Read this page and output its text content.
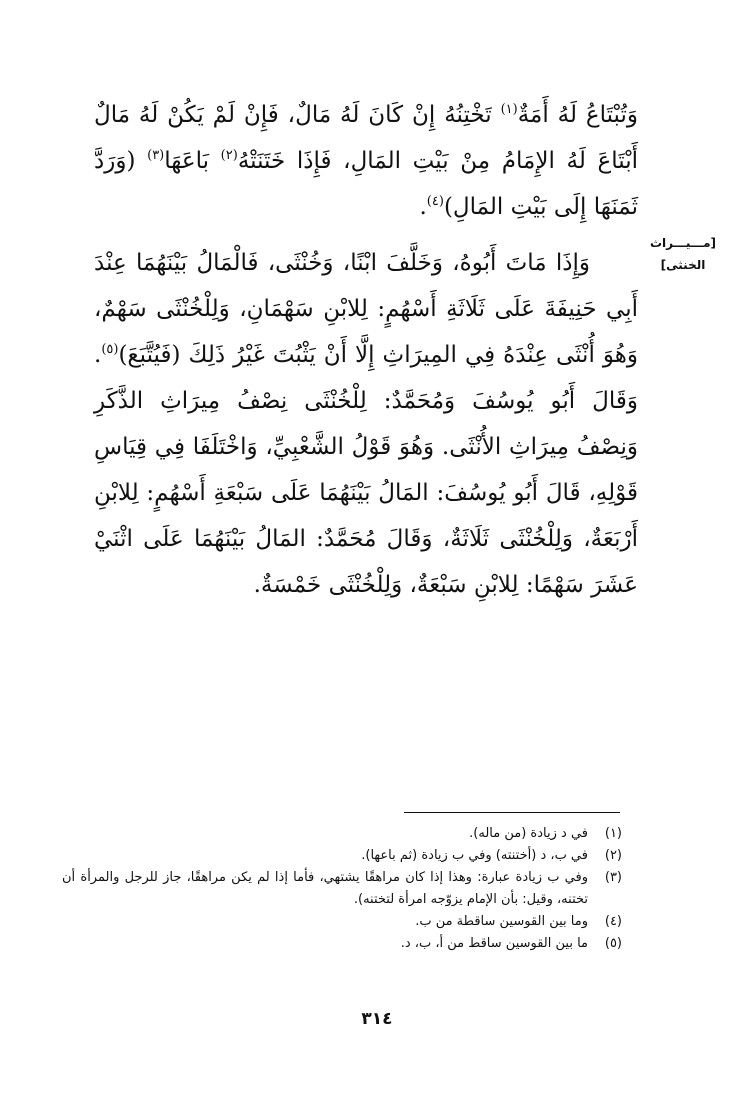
وَتُبْتَاعُ لَهُ أَمَةٌ$^{(١)}$ تَخْتِنُهُ إِنْ كَانَ لَهُ مَالٌ، فَإِنْ لَمْ يَكُنْ لَهُ مَالٌ أَبْتَاعَ لَهُ الإِمَامُ مِنْ بَيْتِ المَالِ، فَإِذَا خَتَنَتْهُ$^{(٢)}$ بَاعَهَا$^{(٣)}$ (وَرَدَّ ثَمَنَهَا إِلَى بَيْتِ المَالِ)$^{(٤)}$.

وَإِذَا مَاتَ أَبُوهُ، وَخَلَّفَ ابْنًا، وَخُنْثَى، فَالْمَالُ بَيْنَهُمَا عِنْدَ أَبِي حَنِيفَةَ عَلَى ثَلَاثَةِ أَسْهُمٍ: لِلابْنِ سَهْمَانِ، وَلِلْخُنْثَى سَهْمٌ، وَهُوَ أُنْثَى عِنْدَهُ فِي المِيرَاثِ إِلَّا أَنْ يَثْبُتَ غَيْرُ ذَلِكَ (فَيُتَّبَعَ)$^{(٥)}$. وَقَالَ أَبُو يُوسُفَ وَمُحَمَّدٌ: لِلْخُنْثَى نِصْفُ مِيرَاثِ الذَّكَرِ وَنِصْفُ مِيرَاثِ الأُنْثَى. وَهُوَ قَوْلُ الشَّعْبِيِّ، وَاخْتَلَفَا فِي قِيَاسِ قَوْلِهِ، قَالَ أَبُو يُوسُفَ: المَالُ بَيْنَهُمَا عَلَى سَبْعَةِ أَسْهُمٍ: لِلابْنِ أَرْبَعَةٌ، وَلِلْخُنْثَى ثَلَاثَةٌ، وَقَالَ مُحَمَّدٌ: المَالُ بَيْنَهُمَا عَلَى اثْنَيْ عَشَرَ سَهْمًا: لِلابْنِ سَبْعَةٌ، وَلِلْخُنْثَى خَمْسَةٌ.

[مـــيـــراث
الخنثى]
(١)
في د زيادة (من ماله).
(٢)
في ب، د (أختنته) وفي ب زيادة (ثم باعها).
(٣)
وفي ب زيادة عبارة: وهذا إذا كان مراهقًا يشتهي، فأما إذا لم يكن مراهقًا، جاز للرجل والمرأة أن تختنه، وقيل: بأن الإمام يزوّجه امرأة لتختنه).
(٤)
وما بين القوسين ساقطة من ب.
(٥)
ما بين القوسين ساقط من أ، ب، د.
٣١٤
